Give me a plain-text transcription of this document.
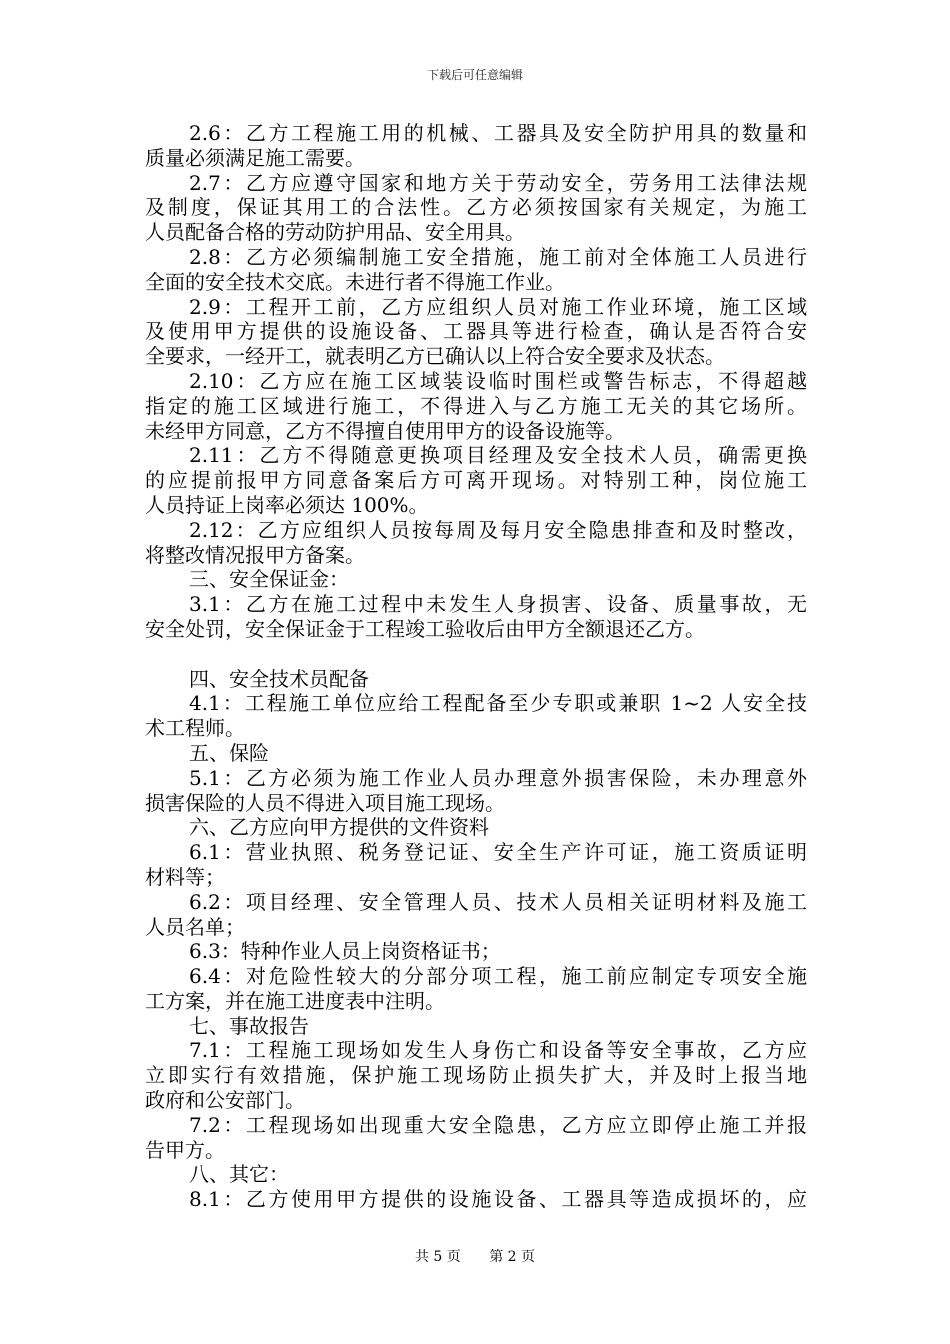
下载后可任意编辑
2.6：乙方工程施工用的机械、工器具及安全防护用具的数量和
质量必须满足施工需要。
2.7：乙方应遵守国家和地方关于劳动安全，劳务用工法律法规
及制度，保证其用工的合法性。乙方必须按国家有关规定，为施工
人员配备合格的劳动防护用品、安全用具。
2.8：乙方必须编制施工安全措施，施工前对全体施工人员进行
全面的安全技术交底。未进行者不得施工作业。
2.9：工程开工前，乙方应组织人员对施工作业环境，施工区域
及使用甲方提供的设施设备、工器具等进行检查，确认是否符合安
全要求，一经开工，就表明乙方已确认以上符合安全要求及状态。
2.10：乙方应在施工区域装设临时围栏或警告标志，不得超越
指定的施工区域进行施工，不得进入与乙方施工无关的其它场所。
未经甲方同意，乙方不得擅自使用甲方的设备设施等。
2.11：乙方不得随意更换项目经理及安全技术人员，确需更换
的应提前报甲方同意备案后方可离开现场。对特别工种，岗位施工
人员持证上岗率必须达 100%。
2.12：乙方应组织人员按每周及每月安全隐患排查和及时整改，
将整改情况报甲方备案。
三、安全保证金：
3.1：乙方在施工过程中未发生人身损害、设备、质量事故，无
安全处罚，安全保证金于工程竣工验收后由甲方全额退还乙方。
四、安全技术员配备
4.1：工程施工单位应给工程配备至少专职或兼职 1~2 人安全技
术工程师。
五、保险
5.1：乙方必须为施工作业人员办理意外损害保险，未办理意外
损害保险的人员不得进入项目施工现场。
六、乙方应向甲方提供的文件资料
6.1：营业执照、税务登记证、安全生产许可证，施工资质证明
材料等；
6.2：项目经理、安全管理人员、技术人员相关证明材料及施工
人员名单；
6.3：特种作业人员上岗资格证书；
6.4：对危险性较大的分部分项工程，施工前应制定专项安全施
工方案，并在施工进度表中注明。
七、事故报告
7.1：工程施工现场如发生人身伤亡和设备等安全事故，乙方应
立即实行有效措施，保护施工现场防止损失扩大，并及时上报当地
政府和公安部门。
7.2：工程现场如出现重大安全隐患，乙方应立即停止施工并报
告甲方。
八、其它：
8.1：乙方使用甲方提供的设施设备、工器具等造成损坏的，应
共 5 页 第 2 页
